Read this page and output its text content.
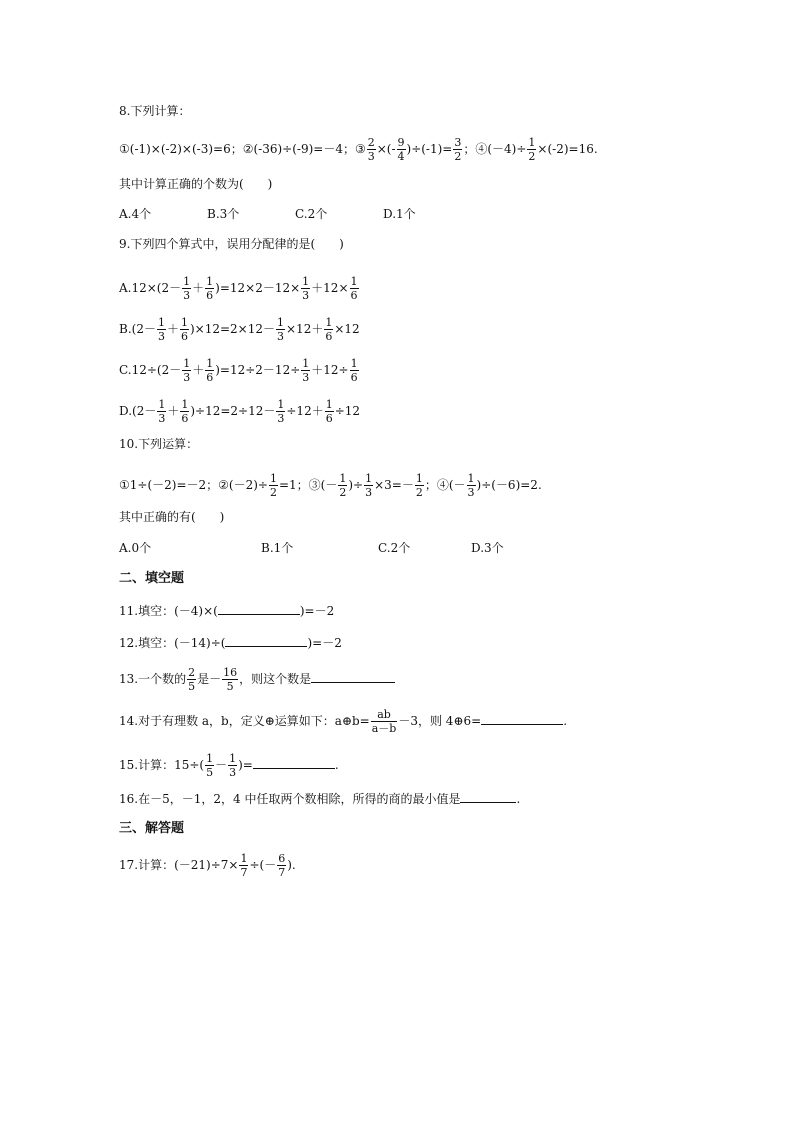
8.下列计算：
①(-1)×(-2)×(-3)=6；②(-36)÷(-9)=－4；③ $\frac{2}{3}$ ×(- $\frac{9}{4} )\div(-1)= \frac{3}{2}$ ；④(－4)÷ $\frac{1}{2} \times(-2)=16$.
其中计算正确的个数为(　　)
A.4个	B.3个	C.2个	D.1个
9.下列四个算式中，误用分配律的是(　　)
$A.12\times(2- \frac{1}{3} + \frac{1}{6} )=12\times 2-12\times \frac{1}{3} +12\times \frac{1}{6}$
$B.(2- \frac{1}{3} + \frac{1}{6} )\times 12=2\times 12- \frac{1}{3} \times 12+ \frac{1}{6} \times 12$
$C.12\div(2- \frac{1}{3} + \frac{1}{6} )=12\div 2-12\div \frac{1}{3} +12\div \frac{1}{6}$
$D.(2- \frac{1}{3} + \frac{1}{6} )\div 12=2\div 12- \frac{1}{3} \div 12+ \frac{1}{6} \div 12$
10.下列运算：
①1÷(－2)=－2；②(－2)÷ $\frac{1}{2} =1$；③(－ $\frac{1}{2}$ )÷ $\frac{1}{3} \times 3=- \frac{1}{2}$ ；④(－ $\frac{1}{3} )\div(-6)=2$.
其中正确的有(　　)
A.0个	B.1个	C.2个	D.3个
二、填空题
11.填空：(－4)×(	)=－2
12.填空：(－14)÷(	)=－2
13.一个数的 $\frac{2}{5}$ 是－ $\frac{16}{5}$ ，则这个数是
14.对于有理数 a，b，定义⊕运算如下：a⊕b= $\frac{ab}{a-b} -3$，则 4⊕6=	.
15.计算：$15\div( \frac{1}{5} - \frac{1}{3}$ )=	.
16.在－5，－1，2，4 中任取两个数相除，所得的商的最小值是	.
三、解答题
17.计算：$(-21)\div 7\times \frac{1}{7}$ ÷(－ $\frac{6}{7}$ ).
